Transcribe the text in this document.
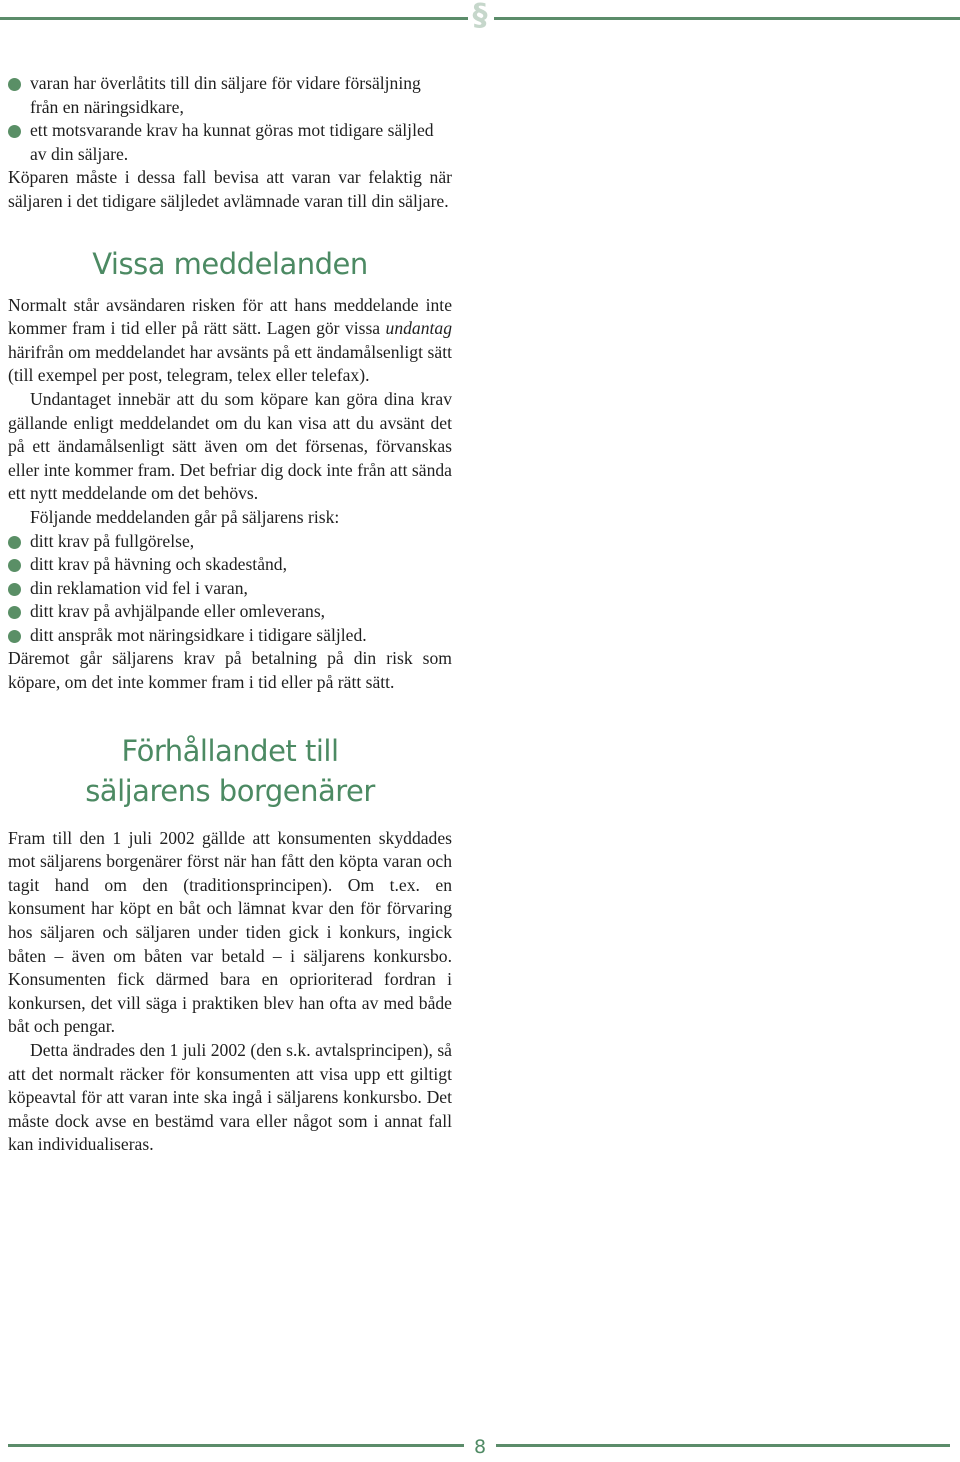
§
varan har överlåtits till din säljare för vidare försäljning från en näringsidkare,
ett motsvarande krav ha kunnat göras mot tidigare säljled av din säljare.

Köparen måste i dessa fall bevisa att varan var felaktig när säljaren i det tidigare säljledet avlämnade varan till din säljare.

Vissa meddelanden

Normalt står avsändaren risken för att hans meddelande inte kommer fram i tid eller på rätt sätt. Lagen gör vissa undantag härifrån om meddelandet har avsänts på ett ändamålsenligt sätt (till exempel per post, telegram, telex eller telefax).

Undantaget innebär att du som köpare kan göra dina krav gällande enligt meddelandet om du kan visa att du avsänt det på ett ändamålsenligt sätt även om det försenas, förvanskas eller inte kommer fram. Det befriar dig dock inte från att sända ett nytt meddelande om det behövs.

Följande meddelanden går på säljarens risk:

ditt krav på fullgörelse,
ditt krav på hävning och skadestånd,
din reklamation vid fel i varan,
ditt krav på avhjälpande eller omleverans,
ditt anspråk mot näringsidkare i tidigare säljled.

Däremot går säljarens krav på betalning på din risk som köpare, om det inte kommer fram i tid eller på rätt sätt.

Förhållandet till
säljarens borgenärer

Fram till den 1 juli 2002 gällde att konsumenten skyddades mot säljarens borgenärer först när han fått den köpta varan och tagit hand om den (traditionsprincipen). Om t.ex. en konsument har köpt en båt och lämnat kvar den för förvaring hos säljaren och säljaren under tiden gick i konkurs, ingick båten – även om båten var betald – i säljarens konkursbo. Konsumenten fick därmed bara en oprioriterad fordran i konkursen, det vill säga i praktiken blev han ofta av med både båt och pengar.

Detta ändrades den 1 juli 2002 (den s.k. avtalsprincipen), så att det normalt räcker för konsumenten att visa upp ett giltigt köpeavtal för att varan inte ska ingå i säljarens konkursbo. Det måste dock avse en bestämd vara eller något som i annat fall kan individualiseras.

8
